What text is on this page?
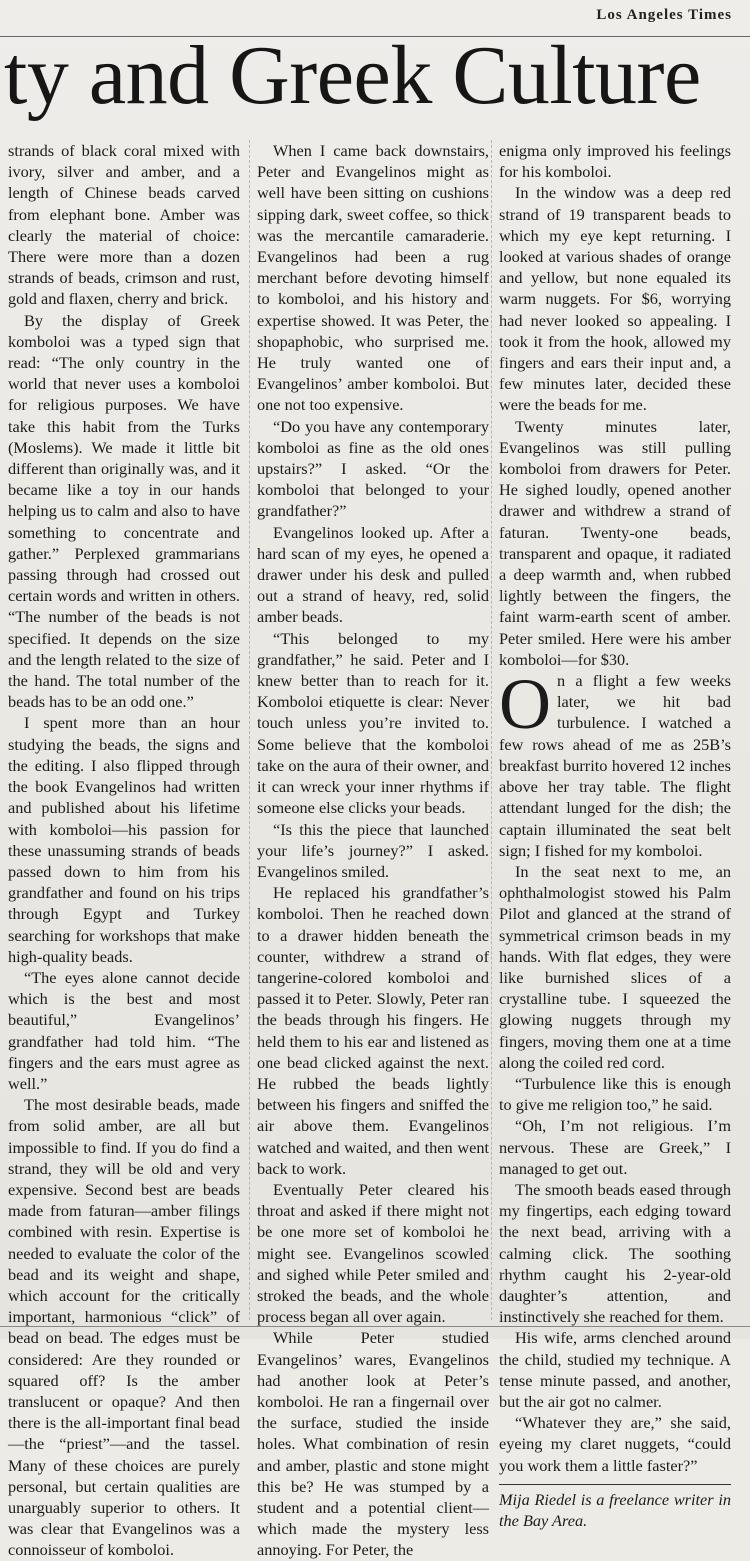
Los Angeles Times
ty and Greek Culture

strands of black coral mixed with ivory, silver and amber, and a length of Chinese beads carved from elephant bone. Amber was clearly the material of choice: There were more than a dozen strands of beads, crimson and rust, gold and flaxen, cherry and brick.

By the display of Greek komboloi was a typed sign that read: “The only country in the world that never uses a komboloi for religious purposes. We have take this habit from the Turks (Moslems). We made it little bit different than originally was, and it became like a toy in our hands helping us to calm and also to have something to concentrate and gather.” Perplexed grammarians passing through had crossed out certain words and written in others. “The number of the beads is not specified. It depends on the size and the length related to the size of the hand. The total number of the beads has to be an odd one.”

I spent more than an hour studying the beads, the signs and the editing. I also flipped through the book Evangelinos had written and published about his lifetime with komboloi—his passion for these unassuming strands of beads passed down to him from his grandfather and found on his trips through Egypt and Turkey searching for workshops that make high-quality beads.

“The eyes alone cannot decide which is the best and most beautiful,” Evangelinos’ grandfather had told him. “The fingers and the ears must agree as well.”

The most desirable beads, made from solid amber, are all but impossible to find. If you do find a strand, they will be old and very expensive. Second best are beads made from faturan—amber filings combined with resin. Expertise is needed to evaluate the color of the bead and its weight and shape, which account for the critically important, harmonious “click” of bead on bead. The edges must be considered: Are they rounded or squared off? Is the amber translucent or opaque? And then there is the all-important final bead—the “priest”—and the tassel. Many of these choices are purely personal, but certain qualities are unarguably superior to others. It was clear that Evangelinos was a connoisseur of komboloi.

When I came back downstairs, Peter and Evangelinos might as well have been sitting on cushions sipping dark, sweet coffee, so thick was the mercantile camaraderie. Evangelinos had been a rug merchant before devoting himself to komboloi, and his history and expertise showed. It was Peter, the shopaphobic, who surprised me. He truly wanted one of Evangelinos’ amber komboloi. But one not too expensive.

“Do you have any contemporary komboloi as fine as the old ones upstairs?” I asked. “Or the komboloi that belonged to your grandfather?”

Evangelinos looked up. After a hard scan of my eyes, he opened a drawer under his desk and pulled out a strand of heavy, red, solid amber beads.

“This belonged to my grandfather,” he said. Peter and I knew better than to reach for it. Komboloi etiquette is clear: Never touch unless you’re invited to. Some believe that the komboloi take on the aura of their owner, and it can wreck your inner rhythms if someone else clicks your beads.

“Is this the piece that launched your life’s journey?” I asked. Evangelinos smiled.

He replaced his grandfather’s komboloi. Then he reached down to a drawer hidden beneath the counter, withdrew a strand of tangerine-colored komboloi and passed it to Peter. Slowly, Peter ran the beads through his fingers. He held them to his ear and listened as one bead clicked against the next. He rubbed the beads lightly between his fingers and sniffed the air above them. Evangelinos watched and waited, and then went back to work.

Eventually Peter cleared his throat and asked if there might not be one more set of komboloi he might see. Evangelinos scowled and sighed while Peter smiled and stroked the beads, and the whole process began all over again.

While Peter studied Evangelinos’ wares, Evangelinos had another look at Peter’s komboloi. He ran a fingernail over the surface, studied the inside holes. What combination of resin and amber, plastic and stone might this be? He was stumped by a student and a potential client—which made the mystery less annoying. For Peter, the

enigma only improved his feelings for his komboloi.

In the window was a deep red strand of 19 transparent beads to which my eye kept returning. I looked at various shades of orange and yellow, but none equaled its warm nuggets. For $6, worrying had never looked so appealing. I took it from the hook, allowed my fingers and ears their input and, a few minutes later, decided these were the beads for me.

Twenty minutes later, Evangelinos was still pulling komboloi from drawers for Peter. He sighed loudly, opened another drawer and withdrew a strand of faturan. Twenty-one beads, transparent and opaque, it radiated a deep warmth and, when rubbed lightly between the fingers, the faint warm-earth scent of amber. Peter smiled. Here were his amber komboloi—for $30.

On a flight a few weeks later, we hit bad turbulence. I watched a few rows ahead of me as 25B’s breakfast burrito hovered 12 inches above her tray table. The flight attendant lunged for the dish; the captain illuminated the seat belt sign; I fished for my komboloi.

In the seat next to me, an ophthalmologist stowed his Palm Pilot and glanced at the strand of symmetrical crimson beads in my hands. With flat edges, they were like burnished slices of a crystalline tube. I squeezed the glowing nuggets through my fingers, moving them one at a time along the coiled red cord.

“Turbulence like this is enough to give me religion too,” he said.

“Oh, I’m not religious. I’m nervous. These are Greek,” I managed to get out.

The smooth beads eased through my fingertips, each edging toward the next bead, arriving with a calming click. The soothing rhythm caught his 2-year-old daughter’s attention, and instinctively she reached for them.

His wife, arms clenched around the child, studied my technique. A tense minute passed, and another, but the air got no calmer.

“Whatever they are,” she said, eyeing my claret nuggets, “could you work them a little faster?”

Mija Riedel is a freelance writer in the Bay Area.
